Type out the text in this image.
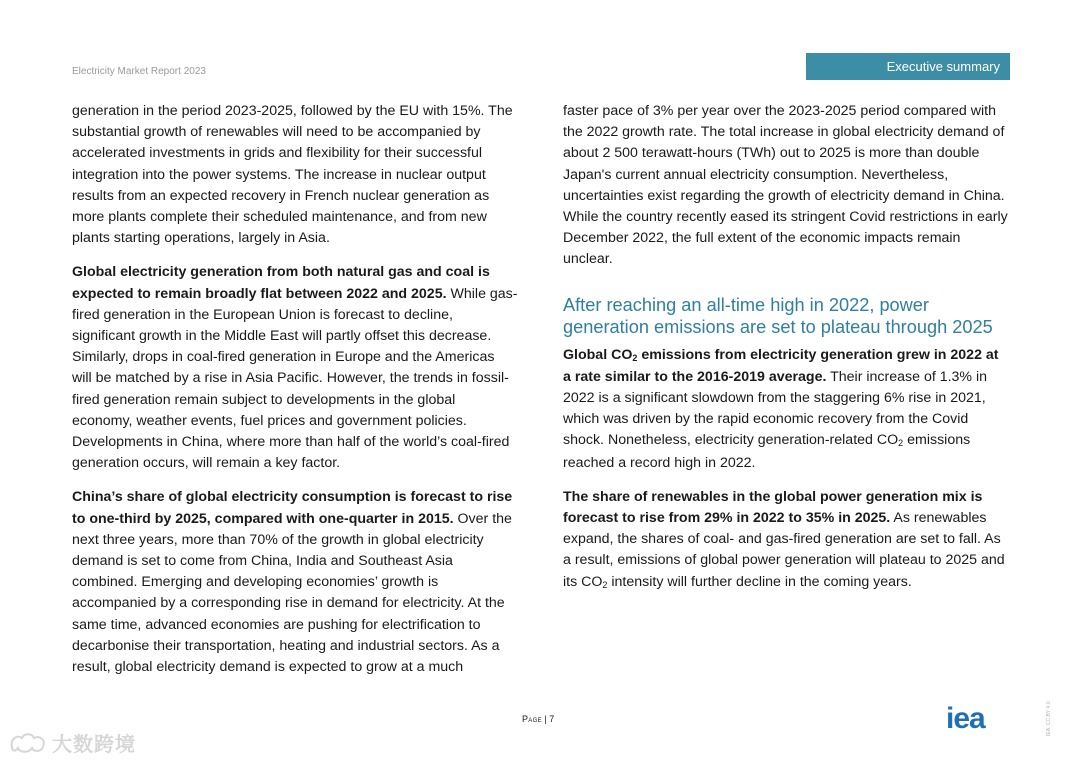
Electricity Market Report 2023	Executive summary

generation in the period 2023-2025, followed by the EU with 15%. The substantial growth of renewables will need to be accompanied by accelerated investments in grids and flexibility for their successful integration into the power systems. The increase in nuclear output results from an expected recovery in French nuclear generation as more plants complete their scheduled maintenance, and from new plants starting operations, largely in Asia.

Global electricity generation from both natural gas and coal is expected to remain broadly flat between 2022 and 2025. While gas-fired generation in the European Union is forecast to decline, significant growth in the Middle East will partly offset this decrease. Similarly, drops in coal-fired generation in Europe and the Americas will be matched by a rise in Asia Pacific. However, the trends in fossil-fired generation remain subject to developments in the global economy, weather events, fuel prices and government policies. Developments in China, where more than half of the world’s coal-fired generation occurs, will remain a key factor.

China’s share of global electricity consumption is forecast to rise to one-third by 2025, compared with one-quarter in 2015. Over the next three years, more than 70% of the growth in global electricity demand is set to come from China, India and Southeast Asia combined. Emerging and developing economies’ growth is accompanied by a corresponding rise in demand for electricity. At the same time, advanced economies are pushing for electrification to decarbonise their transportation, heating and industrial sectors. As a result, global electricity demand is expected to grow at a much

faster pace of 3% per year over the 2023-2025 period compared with the 2022 growth rate. The total increase in global electricity demand of about 2 500 terawatt-hours (TWh) out to 2025 is more than double Japan's current annual electricity consumption. Nevertheless, uncertainties exist regarding the growth of electricity demand in China. While the country recently eased its stringent Covid restrictions in early December 2022, the full extent of the economic impacts remain unclear.

After reaching an all-time high in 2022, power generation emissions are set to plateau through 2025

Global $CO_2$ emissions from electricity generation grew in 2022 at a rate similar to the 2016-2019 average. Their increase of 1.3% in 2022 is a significant slowdown from the staggering 6% rise in 2021, which was driven by the rapid economic recovery from the Covid shock. Nonetheless, electricity generation-related $CO_2$ emissions reached a record high in 2022.

The share of renewables in the global power generation mix is forecast to rise from 29% in 2022 to 35% in 2025. As renewables expand, the shares of coal- and gas-fired generation are set to fall. As a result, emissions of global power generation will plateau to 2025 and its $CO_2$ intensity will further decline in the coming years.

Page | 7	iea	IEA. CC BY 4.0.
大数跨境
